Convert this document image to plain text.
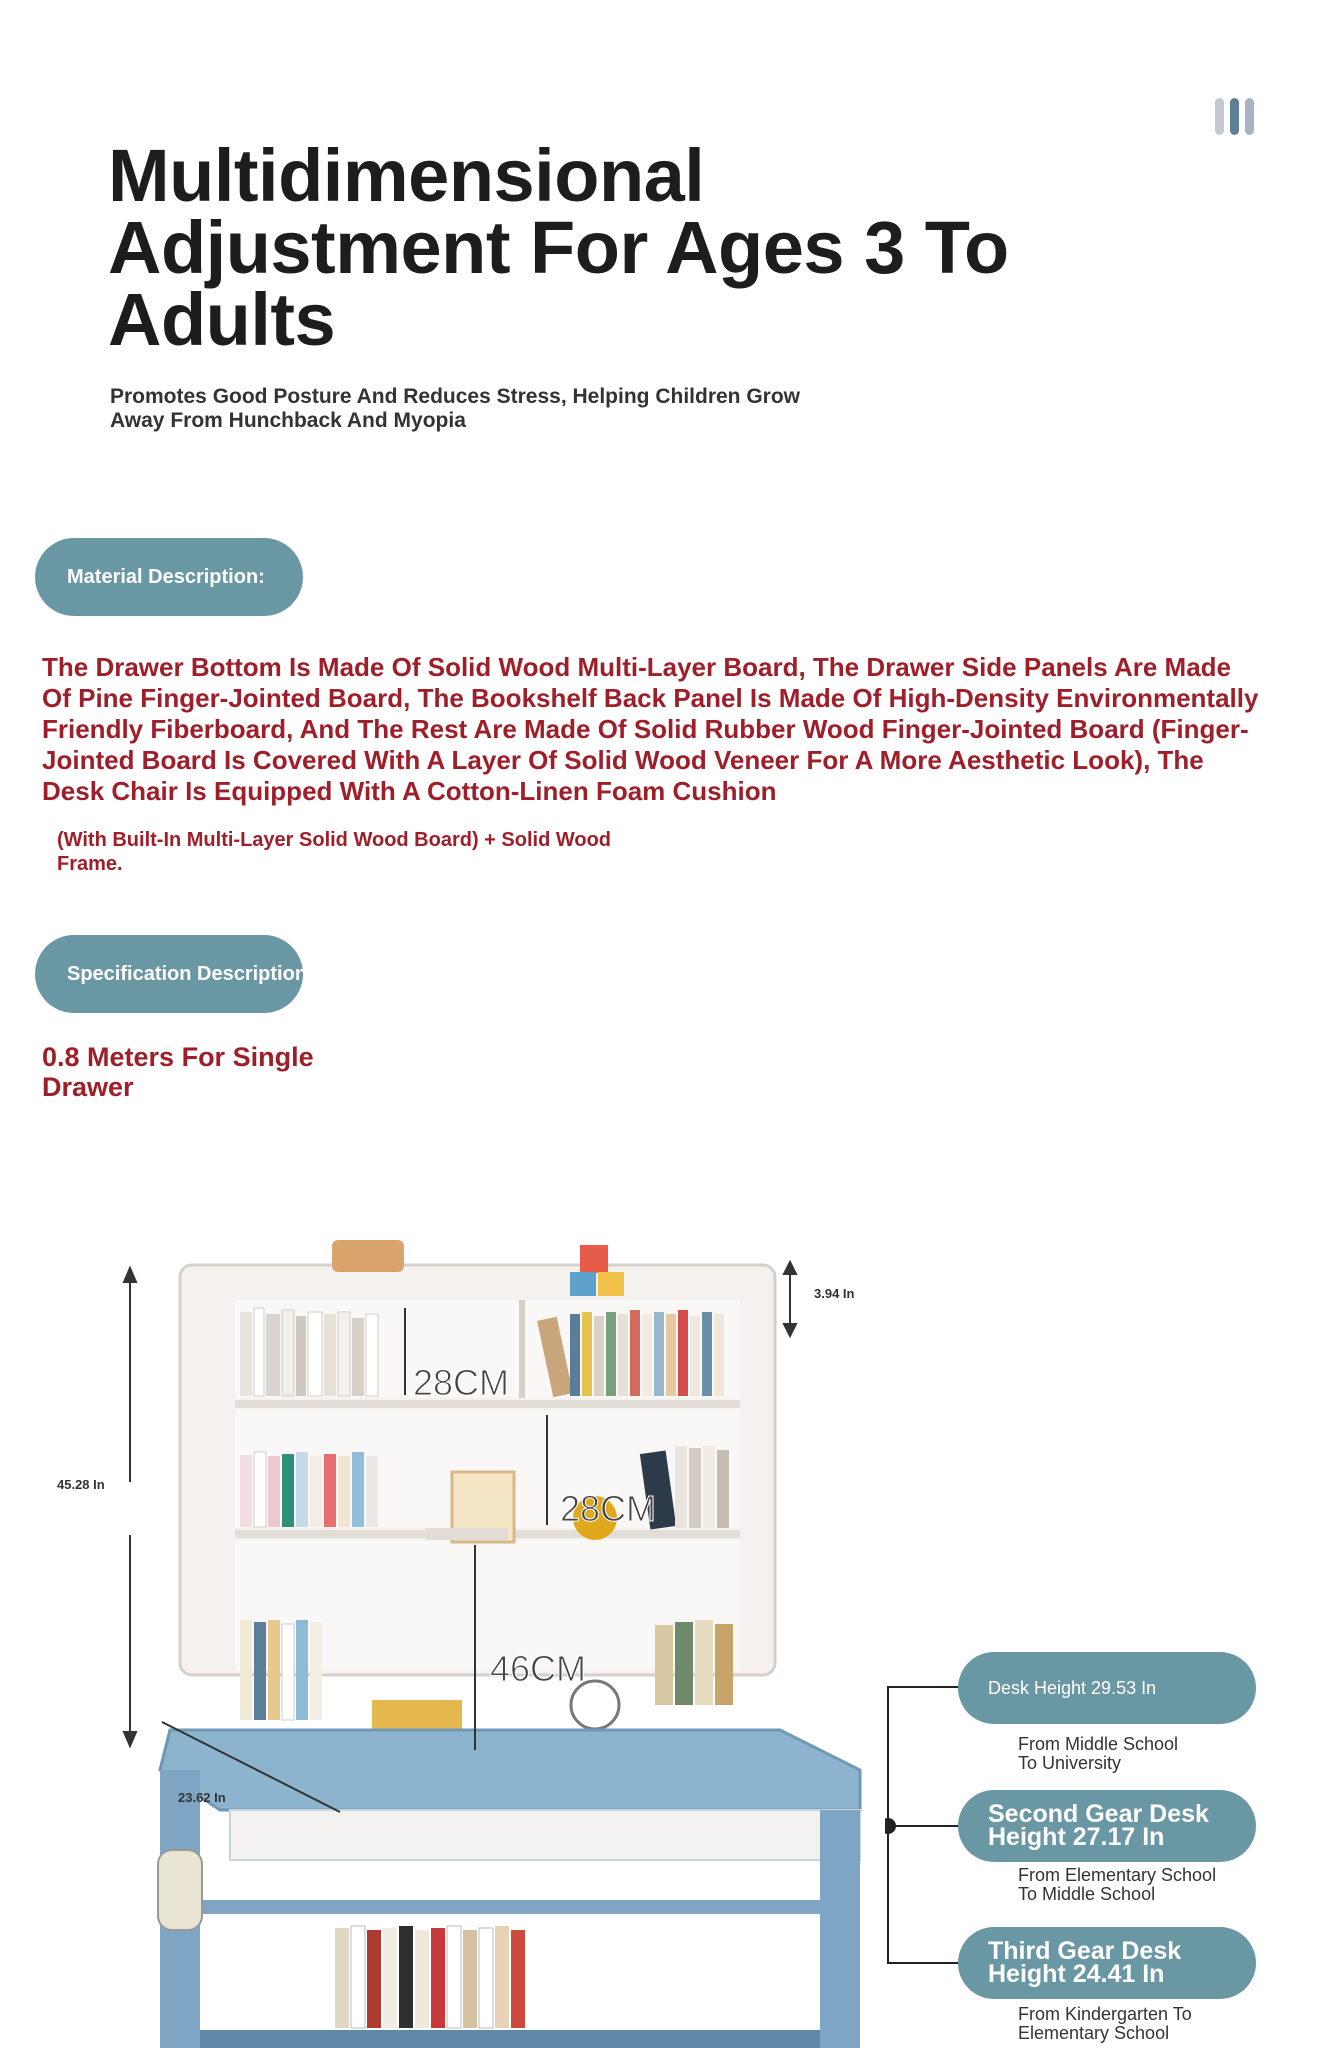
Multidimensional Adjustment For Ages 3 To Adults

Promotes Good Posture And Reduces Stress, Helping Children Grow Away From Hunchback And Myopia

Material Description:

The Drawer Bottom Is Made Of Solid Wood Multi-Layer Board, The Drawer Side Panels Are Made Of Pine Finger-Jointed Board, The Bookshelf Back Panel Is Made Of High-Density Environmentally Friendly Fiberboard, And The Rest Are Made Of Solid Rubber Wood Finger-Jointed Board (Finger-Jointed Board Is Covered With A Layer Of Solid Wood Veneer For A More Aesthetic Look), The Desk Chair Is Equipped With A Cotton-Linen Foam Cushion

(With Built-In Multi-Layer Solid Wood Board) + Solid Wood Frame.

Specification Description

0.8 Meters For Single Drawer

3.94 In
45.28 In
23.62 In
28CM
28CM
46CM	Desk Height 29.53 In

From Middle School
To University

Second Gear Desk
Height 27.17 In

From Elementary School
To Middle School

Third Gear Desk
Height 24.41 In

From Kindergarten To
Elementary School
